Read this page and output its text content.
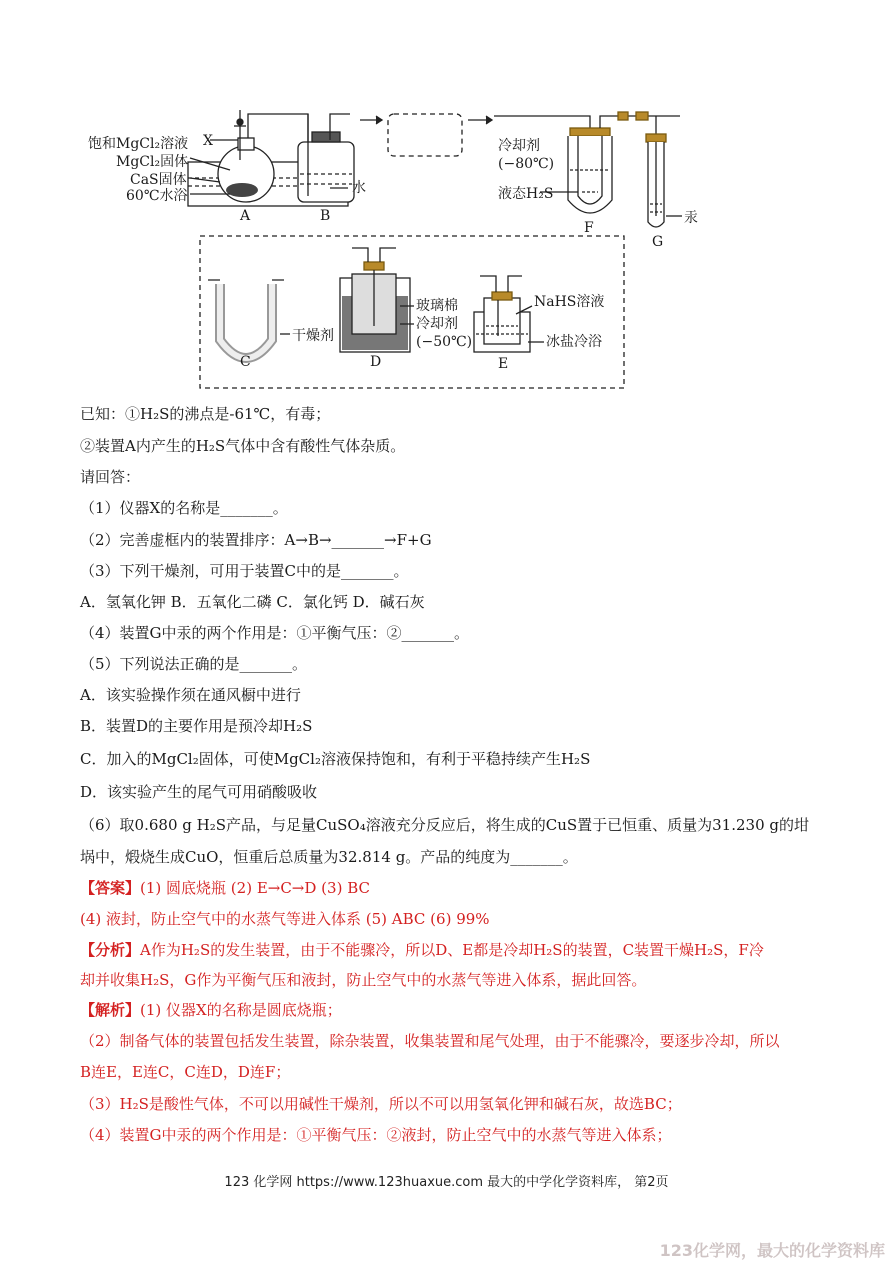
饱和MgCl₂溶液 X
MgCl₂固体
CaS固体
60℃水浴
A	B
水
冷却剂
(−80℃)
液态H₂S
F
汞
G
干燥剂
C
玻璃棉
冷却剂
(−50℃)
D
NaHS溶液
冰盐冷浴
E
已知：①H₂S的沸点是-61℃，有毒；
②装置A内产生的H₂S气体中含有酸性气体杂质。
请回答：
（1）仪器X的名称是_______。
（2）完善虚框内的装置排序：A→B→_______→F+G
（3）下列干燥剂，可用于装置C中的是_______。
A．氢氧化钾 B．五氧化二磷 C．氯化钙 D．碱石灰
（4）装置G中汞的两个作用是：①平衡气压：②_______。
（5）下列说法正确的是_______。
A．该实验操作须在通风橱中进行
B．装置D的主要作用是预冷却H₂S
C．加入的MgCl₂固体，可使MgCl₂溶液保持饱和，有利于平稳持续产生H₂S
D．该实验产生的尾气可用硝酸吸收
（6）取0.680 g H₂S产品，与足量CuSO₄溶液充分反应后，将生成的CuS置于已恒重、质量为31.230 g的坩
埚中，煅烧生成CuO，恒重后总质量为32.814 g。产品的纯度为_______。
【答案】(1) 圆底烧瓶 (2) E→C→D (3) BC
(4) 液封，防止空气中的水蒸气等进入体系 (5) ABC (6) 99%
【分析】A作为H₂S的发生装置，由于不能骤冷，所以D、E都是冷却H₂S的装置，C装置干燥H₂S，F冷
却并收集H₂S，G作为平衡气压和液封，防止空气中的水蒸气等进入体系，据此回答。
【解析】(1) 仪器X的名称是圆底烧瓶；
（2）制备气体的装置包括发生装置，除杂装置，收集装置和尾气处理，由于不能骤冷，要逐步冷却，所以
B连E，E连C，C连D，D连F；
（3）H₂S是酸性气体，不可以用碱性干燥剂，所以不可以用氢氧化钾和碱石灰，故选BC；
（4）装置G中汞的两个作用是：①平衡气压：②液封，防止空气中的水蒸气等进入体系；
123 化学网 https://www.123huaxue.com 最大的中学化学资料库， 第2页
123化学网，最大的化学资料库
